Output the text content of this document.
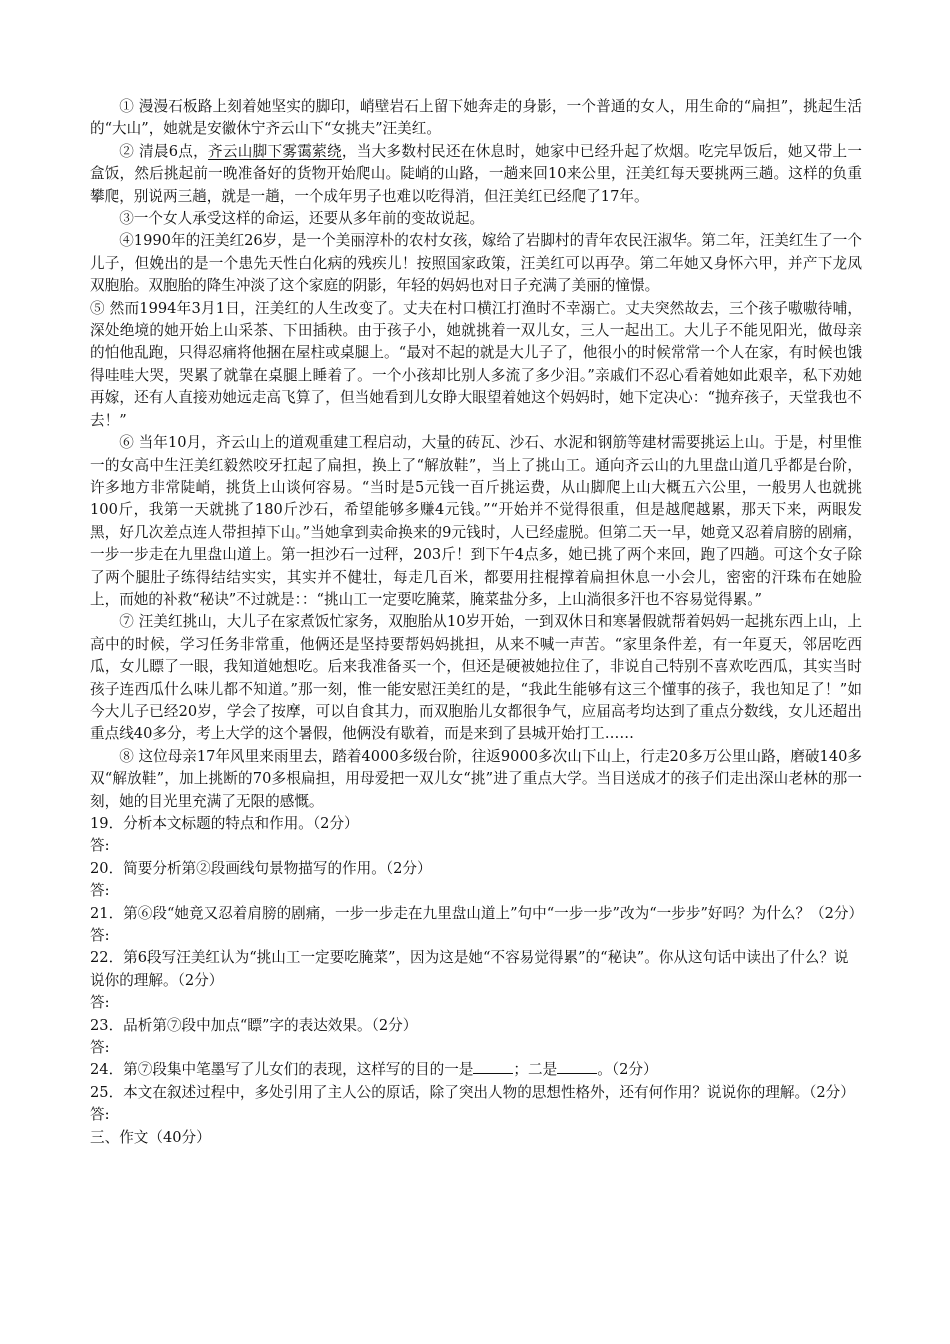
① 漫漫石板路上刻着她坚实的脚印，峭壁岩石上留下她奔走的身影，一个普通的女人，用生命的“扁担”，挑起生活的“大山”，她就是安徽休宁齐云山下“女挑夫”汪美红。

② 清晨6点，齐云山脚下雾霭萦绕，当大多数村民还在休息时，她家中已经升起了炊烟。吃完早饭后，她又带上一盒饭，然后挑起前一晚准备好的货物开始爬山。陡峭的山路，一趟来回10来公里，汪美红每天要挑两三趟。这样的负重攀爬，别说两三趟，就是一趟，一个成年男子也难以吃得消，但汪美红已经爬了17年。

③一个女人承受这样的命运，还要从多年前的变故说起。

④1990年的汪美红26岁，是一个美丽淳朴的农村女孩，嫁给了岩脚村的青年农民汪淑华。第二年，汪美红生了一个儿子，但娩出的是一个患先天性白化病的残疾儿！按照国家政策，汪美红可以再孕。第二年她又身怀六甲，并产下龙凤双胞胎。双胞胎的降生冲淡了这个家庭的阴影，年轻的妈妈也对日子充满了美丽的憧憬。

⑤ 然而1994年3月1日，汪美红的人生改变了。丈夫在村口横江打渔时不幸溺亡。丈夫突然故去，三个孩子嗷嗷待哺，深处绝境的她开始上山采茶、下田插秧。由于孩子小，她就挑着一双儿女，三人一起出工。大儿子不能见阳光，做母亲的怕他乱跑，只得忍痛将他捆在屋柱或桌腿上。“最对不起的就是大儿子了，他很小的时候常常一个人在家，有时候也饿得哇哇大哭，哭累了就靠在桌腿上睡着了。一个小孩却比别人多流了多少泪。”亲戚们不忍心看着她如此艰辛，私下劝她再嫁，还有人直接劝她远走高飞算了，但当她看到儿女睁大眼望着她这个妈妈时，她下定决心：“抛弃孩子，天堂我也不去！”

⑥ 当年10月，齐云山上的道观重建工程启动，大量的砖瓦、沙石、水泥和钢筋等建材需要挑运上山。于是，村里惟一的女高中生汪美红毅然咬牙扛起了扁担，换上了“解放鞋”，当上了挑山工。通向齐云山的九里盘山道几乎都是台阶，许多地方非常陡峭，挑货上山谈何容易。“当时是5元钱一百斤挑运费，从山脚爬上山大概五六公里，一般男人也就挑100斤，我第一天就挑了180斤沙石，希望能够多赚4元钱。”“开始并不觉得很重，但是越爬越累，那天下来，两眼发黑，好几次差点连人带担掉下山。”当她拿到卖命换来的9元钱时，人已经虚脱。但第二天一早，她竟又忍着肩膀的剧痛，一步一步走在九里盘山道上。第一担沙石一过秤，203斤！到下午4点多，她已挑了两个来回，跑了四趟。可这个女子除了两个腿肚子练得结结实实，其实并不健壮，每走几百米，都要用拄棍撑着扁担休息一小会儿，密密的汗珠布在她脸上，而她的补救“秘诀”不过就是：：“挑山工一定要吃腌菜，腌菜盐分多，上山淌很多汗也不容易觉得累。”

⑦ 汪美红挑山，大儿子在家煮饭忙家务，双胞胎从10岁开始，一到双休日和寒暑假就帮着妈妈一起挑东西上山，上高中的时候，学习任务非常重，他俩还是坚持要帮妈妈挑担，从来不喊一声苦。“家里条件差，有一年夏天，邻居吃西瓜，女儿瞟了一眼，我知道她想吃。后来我准备买一个，但还是硬被她拉住了，非说自己特别不喜欢吃西瓜，其实当时孩子连西瓜什么味儿都不知道。”那一刻，惟一能安慰汪美红的是，“我此生能够有这三个懂事的孩子，我也知足了！”如今大儿子已经20岁，学会了按摩，可以自食其力，而双胞胎儿女都很争气，应届高考均达到了重点分数线，女儿还超出重点线40多分，考上大学的这个暑假，他俩没有歇着，而是来到了县城开始打工……

⑧ 这位母亲17年风里来雨里去，踏着4000多级台阶，往返9000多次山下山上，行走20多万公里山路，磨破140多双“解放鞋”，加上挑断的70多根扁担，用母爱把一双儿女“挑”进了重点大学。当目送成才的孩子们走出深山老林的那一刻，她的目光里充满了无限的感慨。

19．分析本文标题的特点和作用。（2分）

答:

20．简要分析第②段画线句景物描写的作用。（2分）

答:

21．第⑥段“她竟又忍着肩膀的剧痛，一步一步走在九里盘山道上”句中“一步一步”改为“一步步”好吗？为什么？（2分）

答:

22．第6段写汪美红认为“挑山工一定要吃腌菜”，因为这是她“不容易觉得累”的“秘诀”。你从这句话中读出了什么？说说你的理解。（2分）

答:

23．品析第⑦段中加点“瞟”字的表达效果。（2分）

答:

24．第⑦段集中笔墨写了儿女们的表现，这样写的目的一是	；二是	。（2分）

25．本文在叙述过程中，多处引用了主人公的原话，除了突出人物的思想性格外，还有何作用？说说你的理解。（2分）

答:

三、作文（40分）
